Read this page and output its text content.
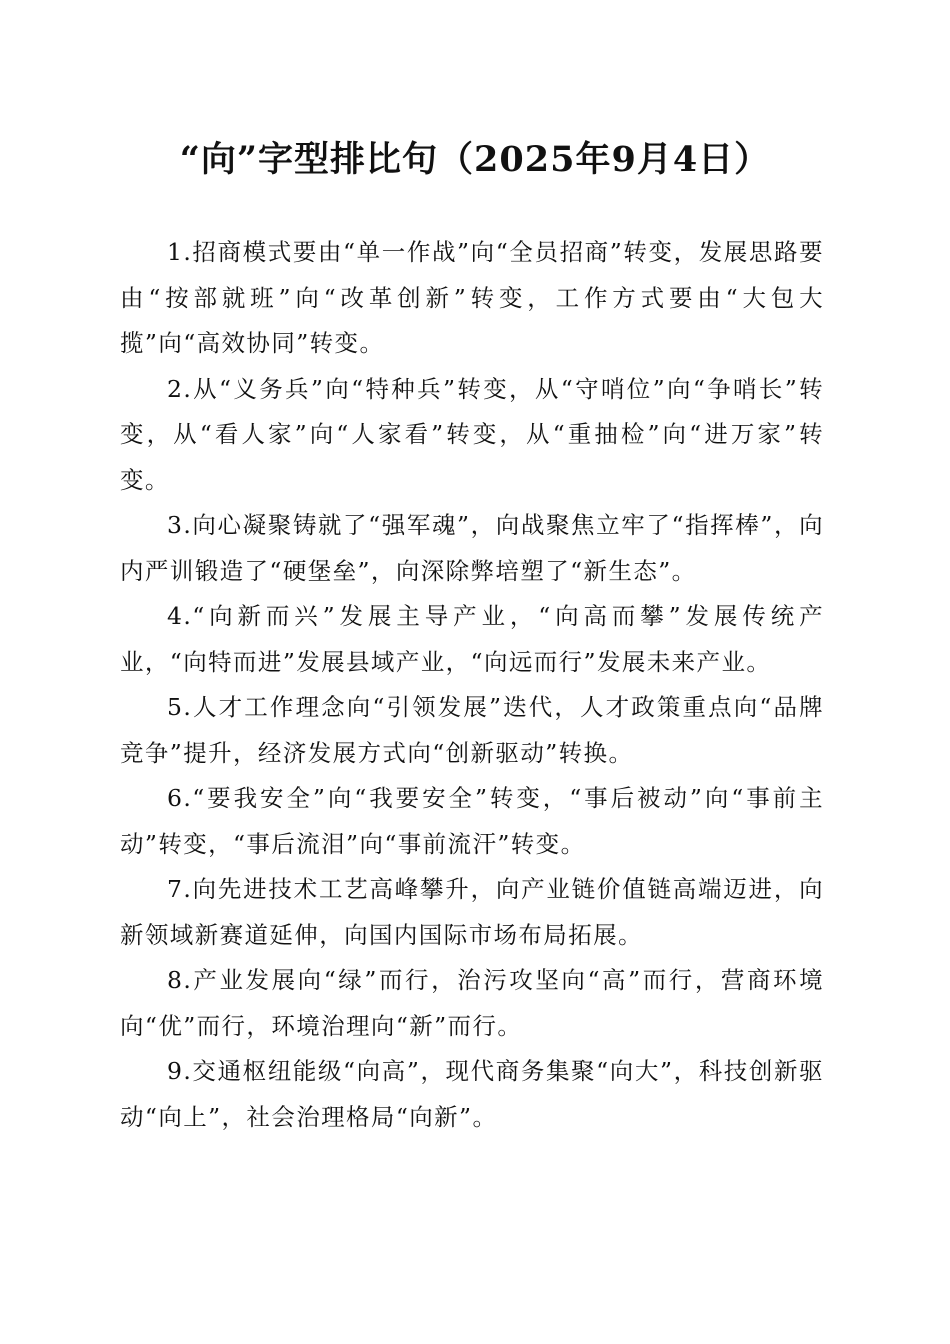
“向”字型排比句（2025年9月4日）

1.招商模式要由“单一作战”向“全员招商”转变，发展思路要由“按部就班”向“改革创新”转变，工作方式要由“大包大揽”向“高效协同”转变。

2.从“义务兵”向“特种兵”转变，从“守哨位”向“争哨长”转变，从“看人家”向“人家看”转变，从“重抽检”向“进万家”转变。

3.向心凝聚铸就了“强军魂”，向战聚焦立牢了“指挥棒”，向内严训锻造了“硬堡垒”，向深除弊培塑了“新生态”。

4.“向新而兴”发展主导产业，“向高而攀”发展传统产业，“向特而进”发展县域产业，“向远而行”发展未来产业。

5.人才工作理念向“引领发展”迭代，人才政策重点向“品牌竞争”提升，经济发展方式向“创新驱动”转换。

6.“要我安全”向“我要安全”转变，“事后被动”向“事前主动”转变，“事后流泪”向“事前流汗”转变。

7.向先进技术工艺高峰攀升，向产业链价值链高端迈进，向新领域新赛道延伸，向国内国际市场布局拓展。

8.产业发展向“绿”而行，治污攻坚向“高”而行，营商环境向“优”而行，环境治理向“新”而行。

9.交通枢纽能级“向高”，现代商务集聚“向大”，科技创新驱动“向上”，社会治理格局“向新”。
